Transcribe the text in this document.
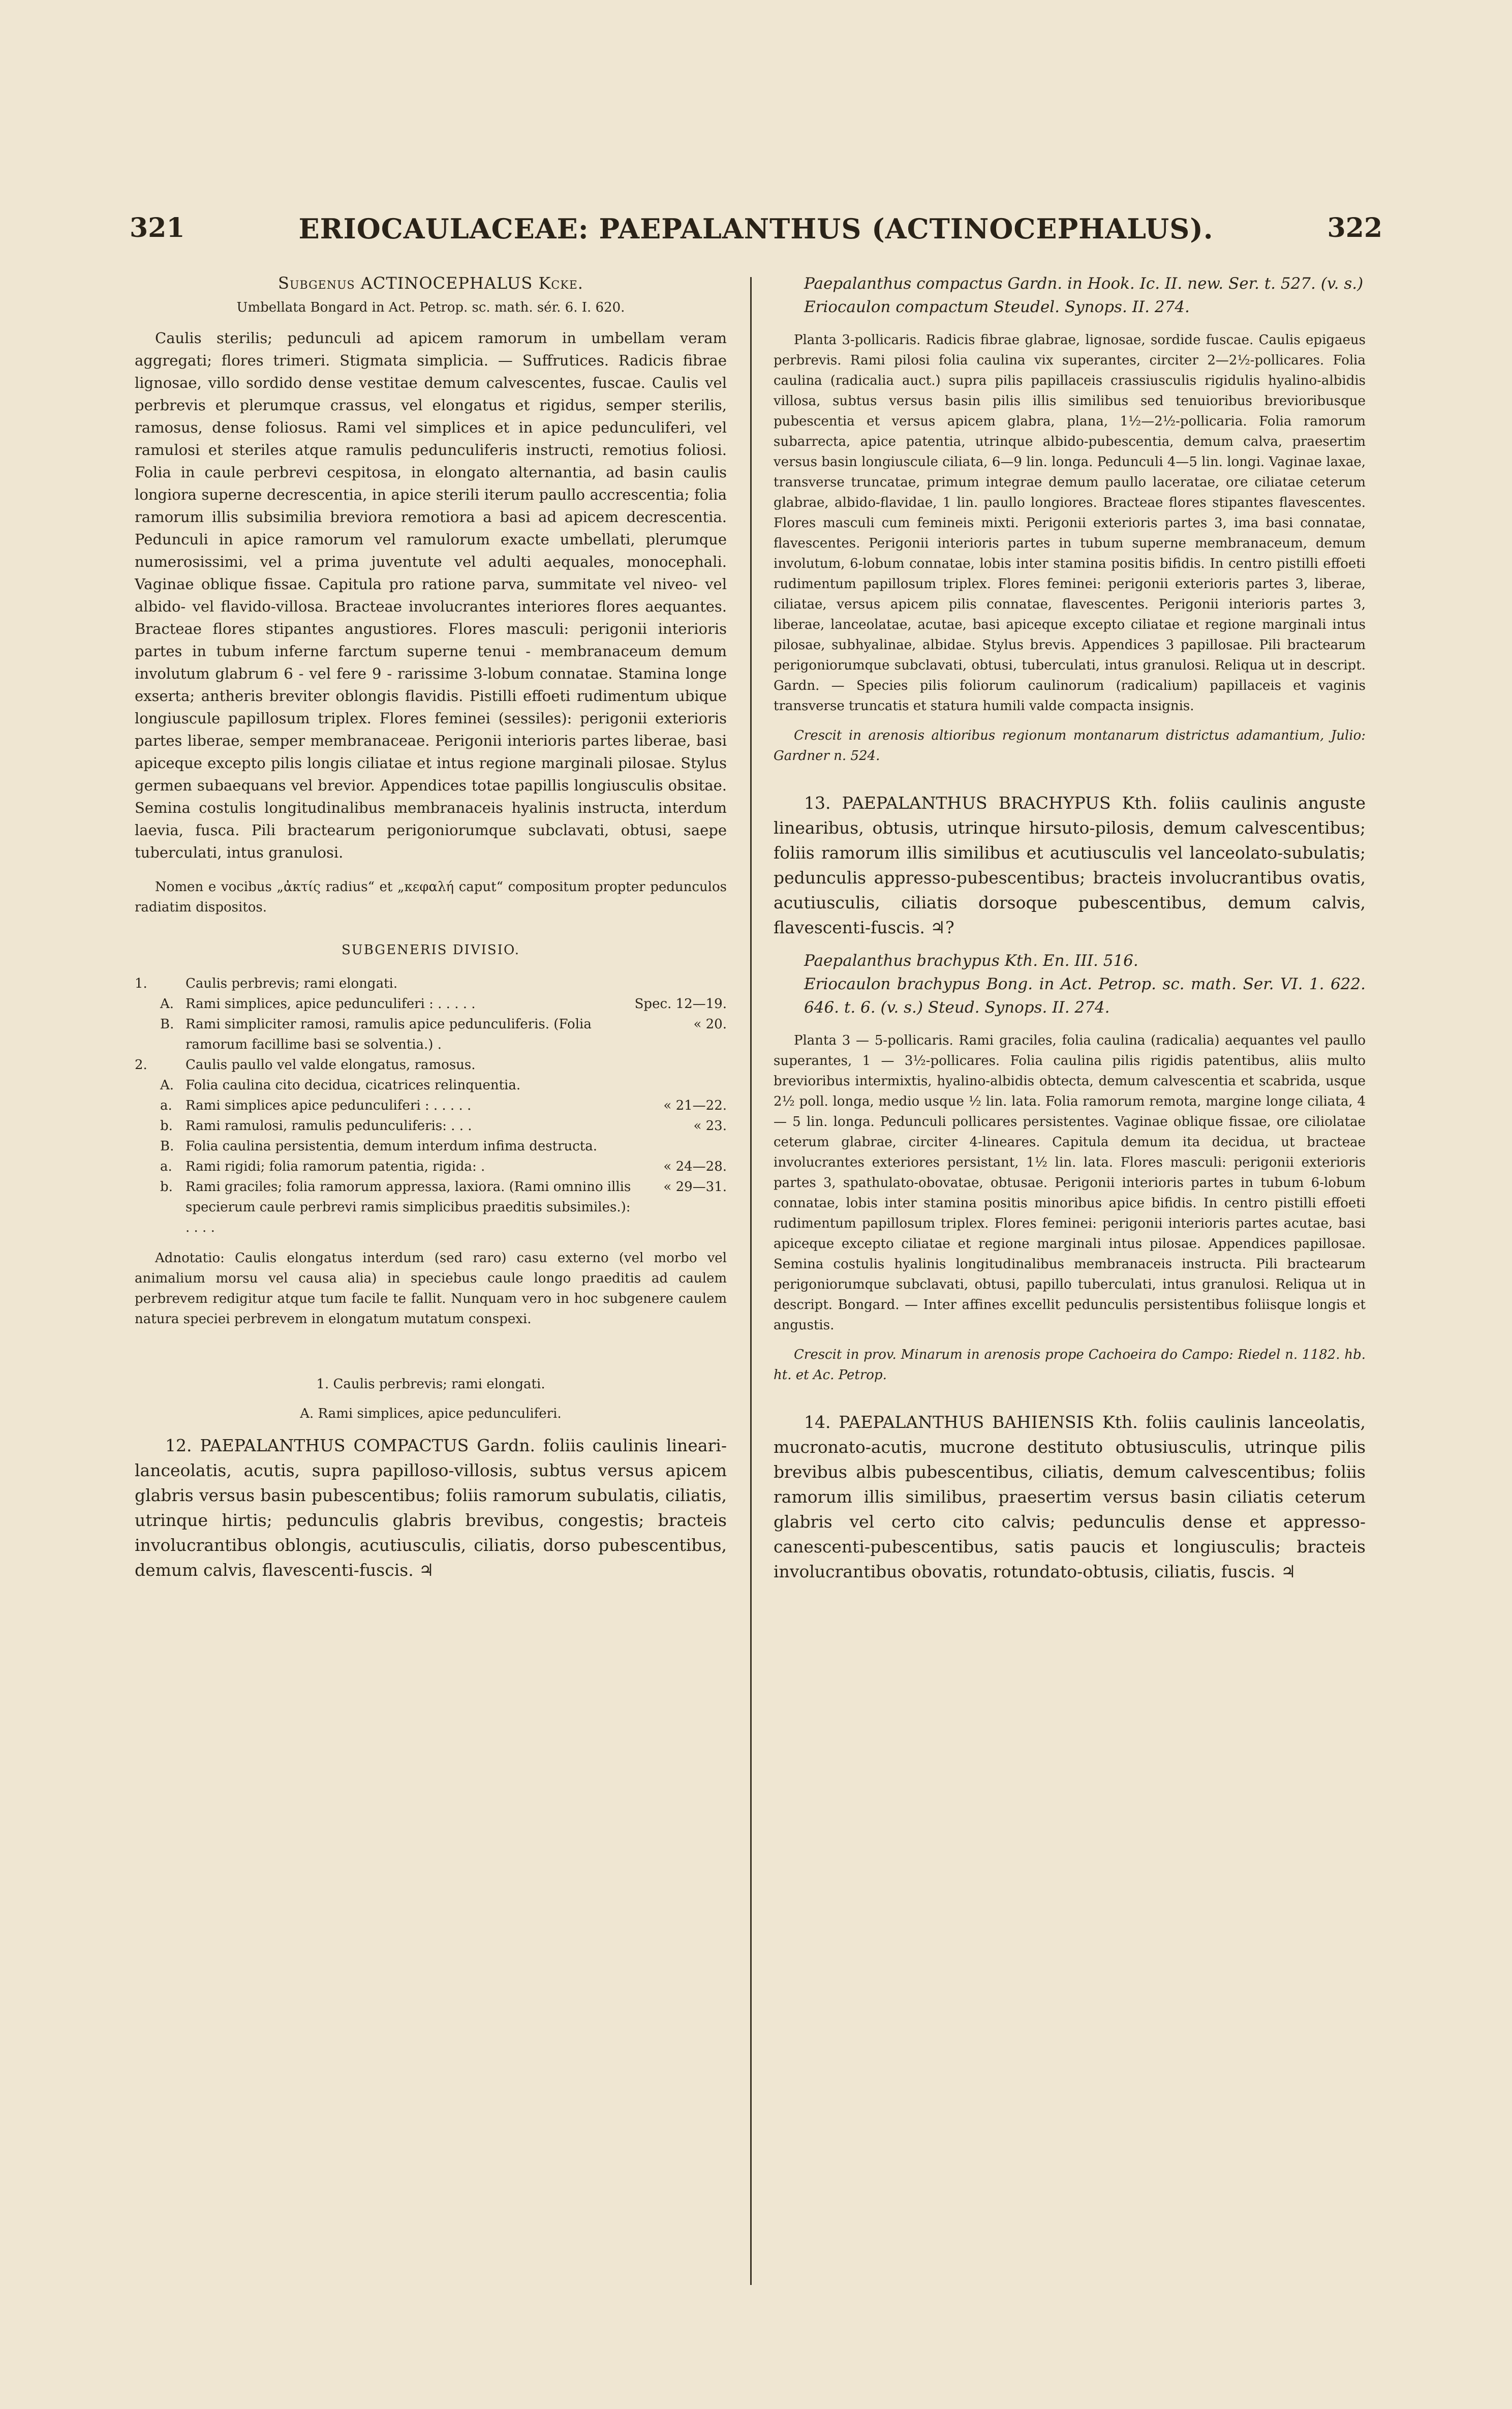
321	ERIOCAULACEAE: PAEPALANTHUS (ACTINOCEPHALUS).	322

Subgenus ACTINOCEPHALUS Kcke.

Umbellata Bongard in Act. Petrop. sc. math. sér. 6. I. 620.

Caulis sterilis; pedunculi ad apicem ramorum in umbellam veram aggregati; flores trimeri. Stigmata simplicia. — Suffrutices. Radicis fibrae lignosae, villo sordido dense vestitae demum calvescentes, fuscae. Caulis vel perbrevis et plerumque crassus, vel elongatus et rigidus, semper sterilis, ramosus, dense foliosus. Rami vel simplices et in apice pedunculiferi, vel ramulosi et steriles atque ramulis pedunculiferis instructi, remotius foliosi. Folia in caule perbrevi cespitosa, in elongato alternantia, ad basin caulis longiora superne decrescentia, in apice sterili iterum paullo accrescentia; folia ramorum illis subsimilia breviora remotiora a basi ad apicem decrescentia. Pedunculi in apice ramorum vel ramulorum exacte umbellati, plerumque numerosissimi, vel a prima juventute vel adulti aequales, monocephali. Vaginae oblique fissae. Capitula pro ratione parva, summitate vel niveo- vel albido- vel flavido-villosa. Bracteae involucrantes interiores flores aequantes. Bracteae flores stipantes angustiores. Flores masculi: perigonii interioris partes in tubum inferne farctum superne tenui - membranaceum demum involutum glabrum 6 - vel fere 9 - rarissime 3-lobum connatae. Stamina longe exserta; antheris breviter oblongis flavidis. Pistilli effoeti rudimentum ubique longiuscule papillosum triplex. Flores feminei (sessiles): perigonii exterioris partes liberae, semper membranaceae. Perigonii interioris partes liberae, basi apiceque excepto pilis longis ciliatae et intus regione marginali pilosae. Stylus germen subaequans vel brevior. Appendices totae papillis longiusculis obsitae. Semina costulis longitudinalibus membranaceis hyalinis instructa, interdum laevia, fusca. Pili bractearum perigoniorumque subclavati, obtusi, saepe tuberculati, intus granulosi.

Nomen e vocibus „ἀκτίς radius“ et „κεφαλή caput“ compositum propter pedunculos radiatim dispositos.

SUBGENERIS DIVISIO.

1.		Caulis perbrevis; rami elongati.	
	A.	Rami simplices, apice pedunculiferi : . . . . .	Spec. 12—19.
	B.	Rami simpliciter ramosi, ramulis apice pedunculiferis. (Folia ramorum facillime basi se solventia.) .	« 20.
2.		Caulis paullo vel valde elongatus, ramosus.	
	A.	Folia caulina cito decidua, cicatrices relinquentia.	
	a.	Rami simplices apice pedunculiferi : . . . . .	« 21—22.
	b.	Rami ramulosi, ramulis pedunculiferis: . . .	« 23.
	B.	Folia caulina persistentia, demum interdum infima destructa.	
	a.	Rami rigidi; folia ramorum patentia, rigida: .	« 24—28.
	b.	Rami graciles; folia ramorum appressa, laxiora. (Rami omnino illis specierum caule perbrevi ramis simplicibus praeditis subsimiles.): . . . .	« 29—31.

Adnotatio: Caulis elongatus interdum (sed raro) casu externo (vel morbo vel animalium morsu vel causa alia) in speciebus caule longo praeditis ad caulem perbrevem redigitur atque tum facile te fallit. Nunquam vero in hoc subgenere caulem natura speciei perbrevem in elongatum mutatum conspexi.

1. Caulis perbrevis; rami elongati.

A. Rami simplices, apice pedunculiferi.

12. PAEPALANTHUS COMPACTUS Gardn. foliis caulinis lineari-lanceolatis, acutis, supra papilloso-villosis, subtus versus apicem glabris versus basin pubescentibus; foliis ramorum subulatis, ciliatis, utrinque hirtis; pedunculis glabris brevibus, congestis; bracteis involucrantibus oblongis, acutiusculis, ciliatis, dorso pubescentibus, demum calvis, flavescenti-fuscis. ♃

Paepalanthus compactus Gardn. in Hook. Ic. II. new. Ser. t. 527. (v. s.)

Eriocaulon compactum Steudel. Synops. II. 274.

Planta 3-pollicaris. Radicis fibrae glabrae, lignosae, sordide fuscae. Caulis epigaeus perbrevis. Rami pilosi folia caulina vix superantes, circiter 2—2½-pollicares. Folia caulina (radicalia auct.) supra pilis papillaceis crassiusculis rigidulis hyalino-albidis villosa, subtus versus basin pilis illis similibus sed tenuioribus brevioribusque pubescentia et versus apicem glabra, plana, 1½—2½-pollicaria. Folia ramorum subarrecta, apice patentia, utrinque albido-pubescentia, demum calva, praesertim versus basin longiuscule ciliata, 6—9 lin. longa. Pedunculi 4—5 lin. longi. Vaginae laxae, transverse truncatae, primum integrae demum paullo laceratae, ore ciliatae ceterum glabrae, albido-flavidae, 1 lin. paullo longiores. Bracteae flores stipantes flavescentes. Flores masculi cum femineis mixti. Perigonii exterioris partes 3, ima basi connatae, flavescentes. Perigonii interioris partes in tubum superne membranaceum, demum involutum, 6-lobum connatae, lobis inter stamina positis bifidis. In centro pistilli effoeti rudimentum papillosum triplex. Flores feminei: perigonii exterioris partes 3, liberae, ciliatae, versus apicem pilis connatae, flavescentes. Perigonii interioris partes 3, liberae, lanceolatae, acutae, basi apiceque excepto ciliatae et regione marginali intus pilosae, subhyalinae, albidae. Stylus brevis. Appendices 3 papillosae. Pili bractearum perigoniorumque subclavati, obtusi, tuberculati, intus granulosi. Reliqua ut in descript. Gardn. — Species pilis foliorum caulinorum (radicalium) papillaceis et vaginis transverse truncatis et statura humili valde compacta insignis.

Crescit in arenosis altioribus regionum montanarum districtus adamantium, Julio: Gardner n. 524.

13. PAEPALANTHUS BRACHYPUS Kth. foliis caulinis anguste linearibus, obtusis, utrinque hirsuto-pilosis, demum calvescentibus; foliis ramorum illis similibus et acutiusculis vel lanceolato-subulatis; pedunculis appresso-pubescentibus; bracteis involucrantibus ovatis, acutiusculis, ciliatis dorsoque pubescentibus, demum calvis, flavescenti-fuscis. ♃?

Paepalanthus brachypus Kth. En. III. 516.

Eriocaulon brachypus Bong. in Act. Petrop. sc. math. Ser. VI. 1. 622. 646. t. 6. (v. s.) Steud. Synops. II. 274.

Planta 3 — 5-pollicaris. Rami graciles, folia caulina (radicalia) aequantes vel paullo superantes, 1 — 3½-pollicares. Folia caulina pilis rigidis patentibus, aliis multo brevioribus intermixtis, hyalino-albidis obtecta, demum calvescentia et scabrida, usque 2½ poll. longa, medio usque ½ lin. lata. Folia ramorum remota, margine longe ciliata, 4 — 5 lin. longa. Pedunculi pollicares persistentes. Vaginae oblique fissae, ore ciliolatae ceterum glabrae, circiter 4-lineares. Capitula demum ita decidua, ut bracteae involucrantes exteriores persistant, 1½ lin. lata. Flores masculi: perigonii exterioris partes 3, spathulato-obovatae, obtusae. Perigonii interioris partes in tubum 6-lobum connatae, lobis inter stamina positis minoribus apice bifidis. In centro pistilli effoeti rudimentum papillosum triplex. Flores feminei: perigonii interioris partes acutae, basi apiceque excepto ciliatae et regione marginali intus pilosae. Appendices papillosae. Semina costulis hyalinis longitudinalibus membranaceis instructa. Pili bractearum perigoniorumque subclavati, obtusi, papillo tuberculati, intus granulosi. Reliqua ut in descript. Bongard. — Inter affines excellit pedunculis persistentibus foliisque longis et angustis.

Crescit in prov. Minarum in arenosis prope Cachoeira do Campo: Riedel n. 1182. hb. ht. et Ac. Petrop.

14. PAEPALANTHUS BAHIENSIS Kth. foliis caulinis lanceolatis, mucronato-acutis, mucrone destituto obtusiusculis, utrinque pilis brevibus albis pubescentibus, ciliatis, demum calvescentibus; foliis ramorum illis similibus, praesertim versus basin ciliatis ceterum glabris vel certo cito calvis; pedunculis dense et appresso-canescenti-pubescentibus, satis paucis et longiusculis; bracteis involucrantibus obovatis, rotundato-obtusis, ciliatis, fuscis. ♃
